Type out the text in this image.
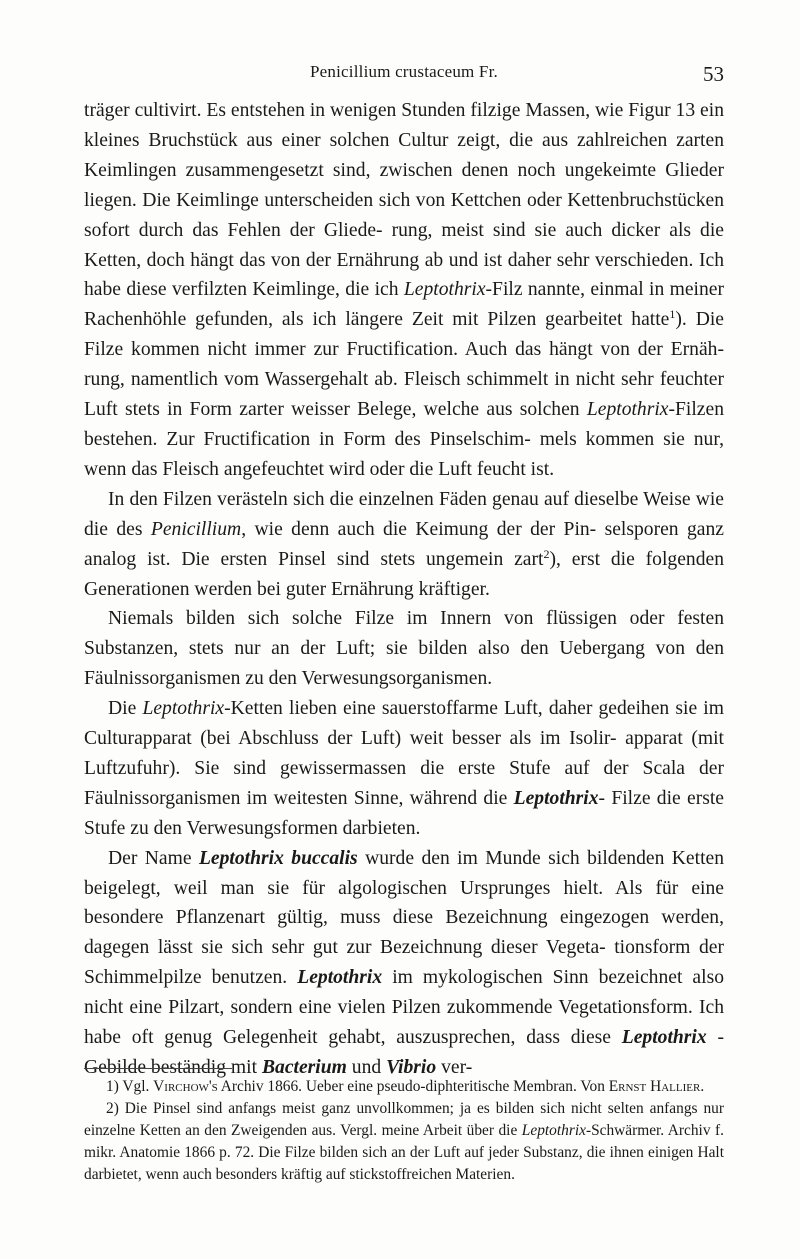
Penicillium crustaceum Fr.	53

träger cultivirt. Es entstehen in wenigen Stunden filzige Massen, wie Figur 13 ein kleines Bruchstück aus einer solchen Cultur zeigt, die aus zahlreichen zarten Keimlingen zusammengesetzt sind, zwischen denen noch ungekeimte Glieder liegen. Die Keimlinge unterscheiden sich von Kettchen oder Kettenbruchstücken sofort durch das Fehlen der Gliede- rung, meist sind sie auch dicker als die Ketten, doch hängt das von der Ernährung ab und ist daher sehr verschieden. Ich habe diese verfilzten Keimlinge, die ich Leptothrix-Filz nannte, einmal in meiner Rachenhöhle gefunden, als ich längere Zeit mit Pilzen gearbeitet hatte$^1$). Die Filze kommen nicht immer zur Fructification. Auch das hängt von der Ernäh- rung, namentlich vom Wassergehalt ab. Fleisch schimmelt in nicht sehr feuchter Luft stets in Form zarter weisser Belege, welche aus solchen Leptothrix-Filzen bestehen. Zur Fructification in Form des Pinselschim- mels kommen sie nur, wenn das Fleisch angefeuchtet wird oder die Luft feucht ist.

In den Filzen verästeln sich die einzelnen Fäden genau auf dieselbe Weise wie die des Penicillium, wie denn auch die Keimung der der Pin- selsporen ganz analog ist. Die ersten Pinsel sind stets ungemein zart$^2$), erst die folgenden Generationen werden bei guter Ernährung kräftiger.

Niemals bilden sich solche Filze im Innern von flüssigen oder festen Substanzen, stets nur an der Luft; sie bilden also den Uebergang von den Fäulnissorganismen zu den Verwesungsorganismen.

Die Leptothrix-Ketten lieben eine sauerstoffarme Luft, daher gedeihen sie im Culturapparat (bei Abschluss der Luft) weit besser als im Isolir- apparat (mit Luftzufuhr). Sie sind gewissermassen die erste Stufe auf der Scala der Fäulnissorganismen im weitesten Sinne, während die Leptothrix- Filze die erste Stufe zu den Verwesungsformen darbieten.

Der Name Leptothrix buccalis wurde den im Munde sich bildenden Ketten beigelegt, weil man sie für algologischen Ursprunges hielt. Als für eine besondere Pflanzenart gültig, muss diese Bezeichnung eingezogen werden, dagegen lässt sie sich sehr gut zur Bezeichnung dieser Vegeta- tionsform der Schimmelpilze benutzen. Leptothrix im mykologischen Sinn bezeichnet also nicht eine Pilzart, sondern eine vielen Pilzen zukommende Vegetationsform. Ich habe oft genug Gelegenheit gehabt, auszusprechen, dass diese Leptothrix - Gebilde beständig mit Bacterium und Vibrio ver-

1) Vgl. Virchow's Archiv 1866. Ueber eine pseudo-diphteritische Membran. Von Ernst Hallier.

2) Die Pinsel sind anfangs meist ganz unvollkommen; ja es bilden sich nicht selten anfangs nur einzelne Ketten an den Zweigenden aus. Vergl. meine Arbeit über die Leptothrix-Schwärmer. Archiv f. mikr. Anatomie 1866 p. 72. Die Filze bilden sich an der Luft auf jeder Substanz, die ihnen einigen Halt darbietet, wenn auch besonders kräftig auf stickstoffreichen Materien.
